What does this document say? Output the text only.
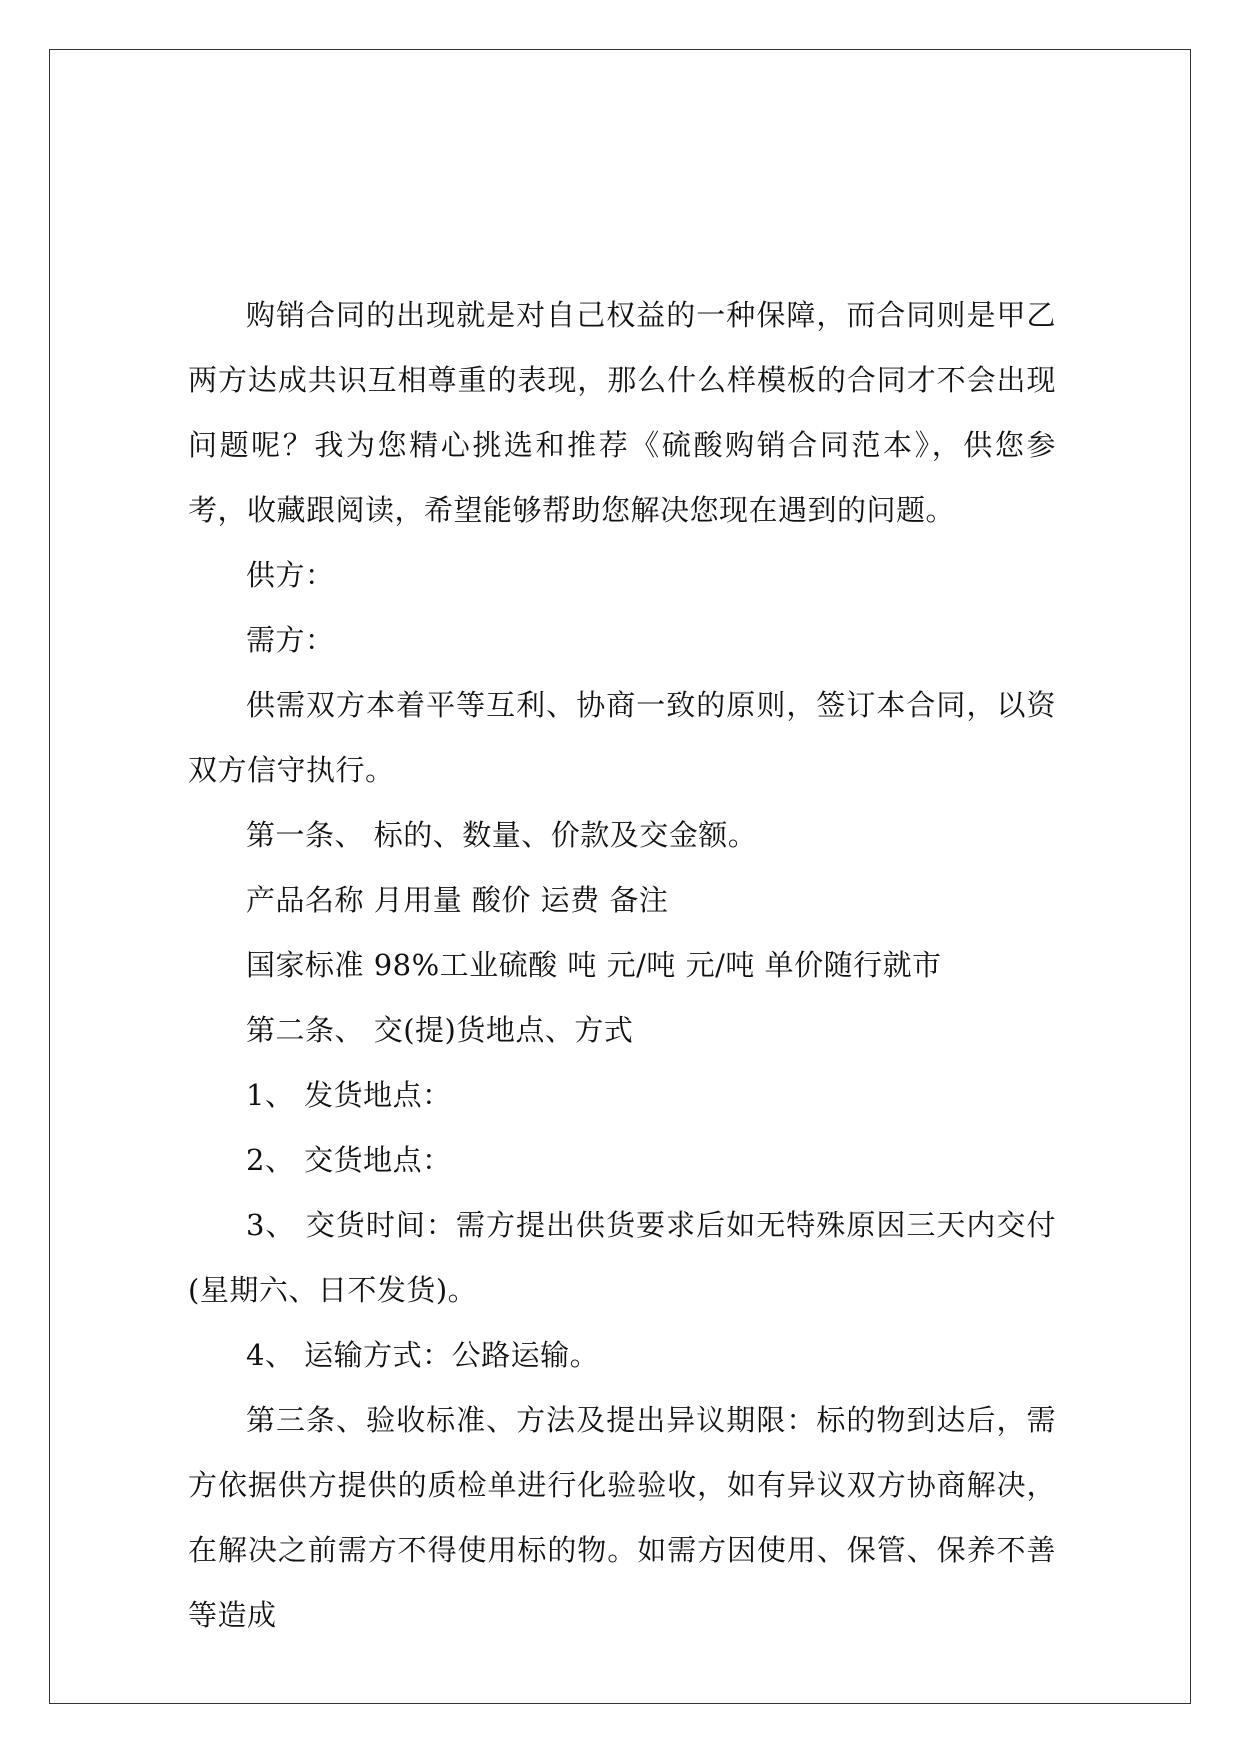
购销合同的出现就是对自己权益的一种保障，而合同则是甲乙两方达成共识互相尊重的表现，那么什么样模板的合同才不会出现问题呢？我为您精心挑选和推荐《硫酸购销合同范本》，供您参考，收藏跟阅读，希望能够帮助您解决您现在遇到的问题。

供方：

需方：

供需双方本着平等互利、协商一致的原则，签订本合同，以资双方信守执行。

第一条、 标的、数量、价款及交金额。

产品名称 月用量 酸价 运费 备注

国家标准 98%工业硫酸 吨 元/吨 元/吨 单价随行就市

第二条、 交(提)货地点、方式

1、 发货地点：

2、 交货地点：

3、 交货时间：需方提出供货要求后如无特殊原因三天内交付(星期六、日不发货)。

4、 运输方式：公路运输。

第三条、验收标准、方法及提出异议期限：标的物到达后，需方依据供方提供的质检单进行化验验收，如有异议双方协商解决，在解决之前需方不得使用标的物。如需方因使用、保管、保养不善等造成
